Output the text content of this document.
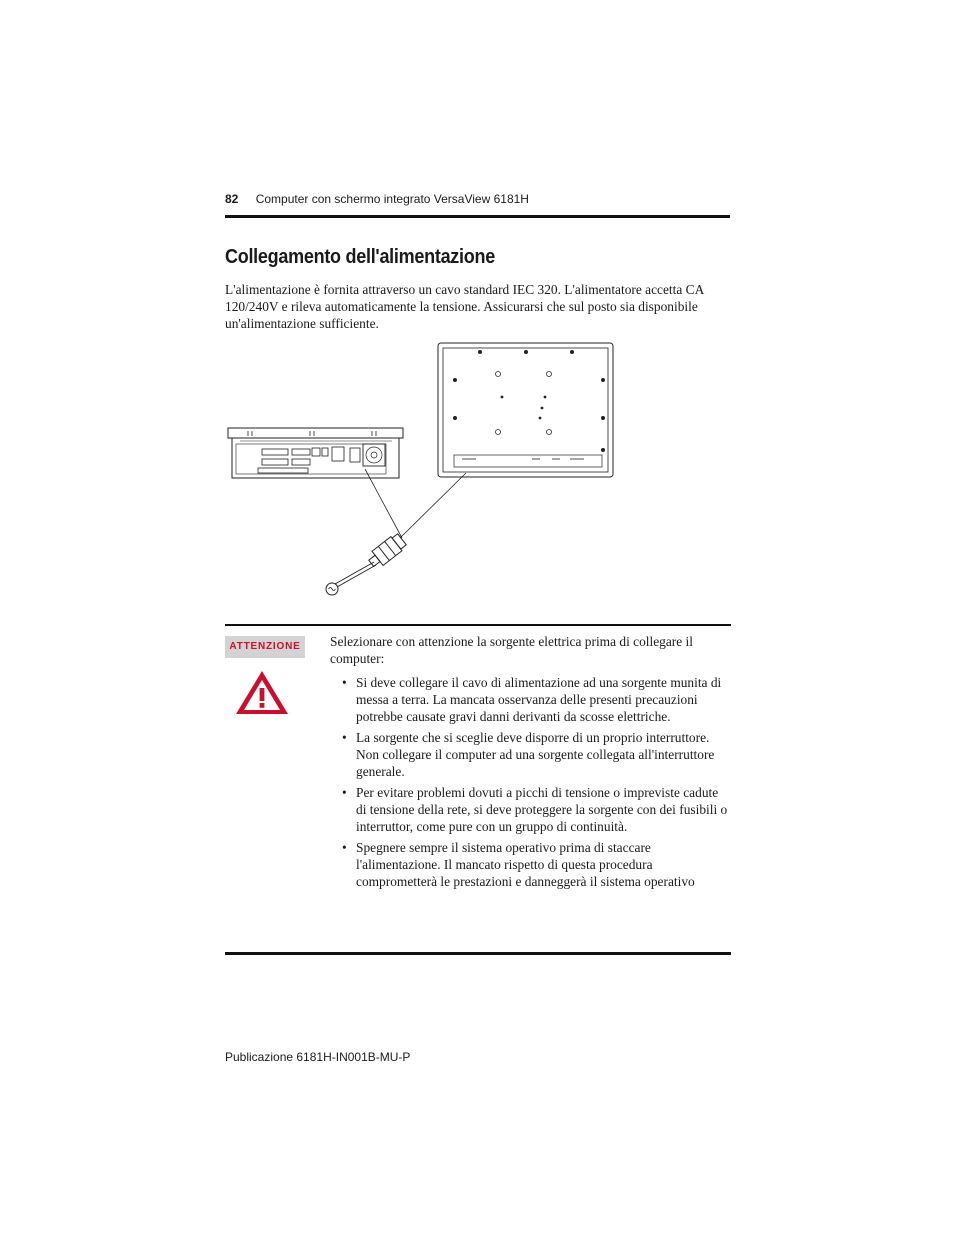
82 Computer con schermo integrato VersaView 6181H
Collegamento dell'alimentazione

L'alimentazione è fornita attraverso un cavo standard IEC 320. L'alimentatore accetta CA 120/240V e rileva automaticamente la tensione. Assicurarsi che sul posto sia disponibile un'alimentazione sufficiente.

ATTENZIONE	Selezionare con attenzione la sorgente elettrica prima di collegare il computer:

• Si deve collegare il cavo di alimentazione ad una sorgente munita di messa a terra. La mancata osservanza delle presenti precauzioni potrebbe causate gravi danni derivanti da scosse elettriche.
• La sorgente che si sceglie deve disporre di un proprio interruttore. Non collegare il computer ad una sorgente collegata all'interruttore generale.
• Per evitare problemi dovuti a picchi di tensione o impreviste cadute di tensione della rete, si deve proteggere la sorgente con dei fusibili o interruttor, come pure con un gruppo di continuità.
• Spegnere sempre il sistema operativo prima di staccare l'alimentazione. Il mancato rispetto di questa procedura comprometterà le prestazioni e danneggerà il sistema operativo
Publicazione 6181H-IN001B-MU-P
